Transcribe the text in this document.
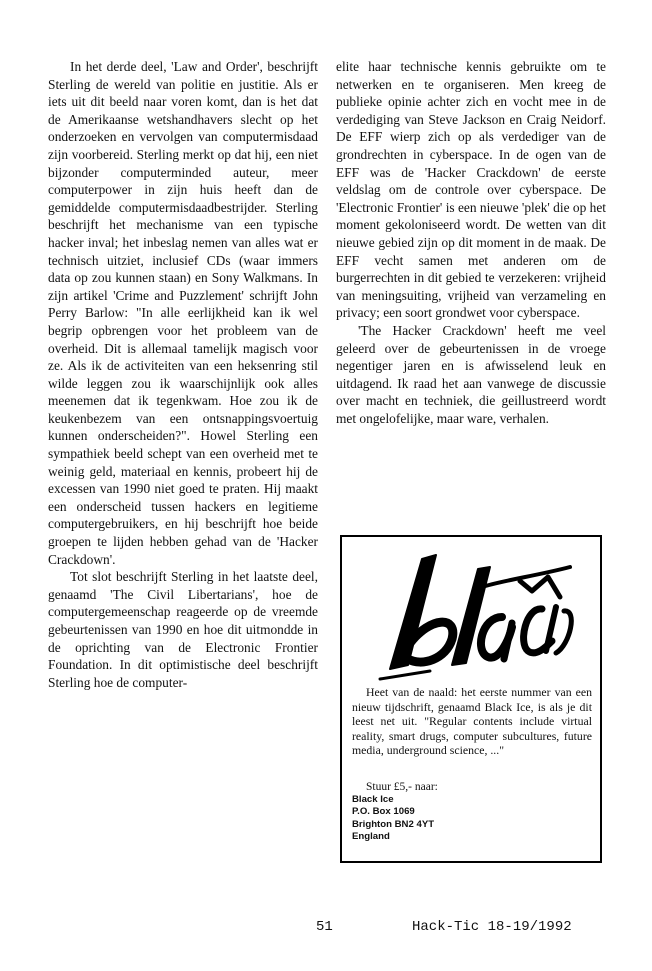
In het derde deel, 'Law and Order', beschrijft Sterling de wereld van politie en justitie. Als er iets uit dit beeld naar voren komt, dan is het dat de Amerikaanse wetshandhavers slecht op het onderzoeken en vervolgen van computermisdaad zijn voorbereid. Sterling merkt op dat hij, een niet bijzonder computerminded auteur, meer computerpower in zijn huis heeft dan de gemiddelde computermisdaadbestrijder. Sterling beschrijft het mechanisme van een typische hacker inval; het inbeslag nemen van alles wat er technisch uitziet, inclusief CDs (waar immers data op zou kunnen staan) en Sony Walkmans. In zijn artikel 'Crime and Puzzlement' schrijft John Perry Barlow: "In alle eerlijkheid kan ik wel begrip opbrengen voor het probleem van de overheid. Dit is allemaal tamelijk magisch voor ze. Als ik de activiteiten van een heksenring stil wilde leggen zou ik waarschijnlijk ook alles meenemen dat ik tegenkwam. Hoe zou ik de keukenbezem van een ontsnappingsvoertuig kunnen onderscheiden?". Howel Sterling een sympathiek beeld schept van een overheid met te weinig geld, materiaal en kennis, probeert hij de excessen van 1990 niet goed te praten. Hij maakt een onderscheid tussen hackers en legitieme computergebruikers, en hij beschrijft hoe beide groepen te lijden hebben gehad van de 'Hacker Crackdown'.

Tot slot beschrijft Sterling in het laatste deel, genaamd 'The Civil Libertarians', hoe de computergemeenschap reageerde op de vreemde gebeurtenissen van 1990 en hoe dit uitmondde in de oprichting van de Electronic Frontier Foundation. In dit optimistische deel beschrijft Sterling hoe de computer-

elite haar technische kennis gebruikte om te netwerken en te organiseren. Men kreeg de publieke opinie achter zich en vocht mee in de verdediging van Steve Jackson en Craig Neidorf. De EFF wierp zich op als verdediger van de grondrechten in cyberspace. In de ogen van de EFF was de 'Hacker Crackdown' de eerste veldslag om de controle over cyberspace. De 'Electronic Frontier' is een nieuwe 'plek' die op het moment gekoloniseerd wordt. De wetten van dit nieuwe gebied zijn op dit moment in de maak. De EFF vecht samen met anderen om de burgerrechten in dit gebied te verzekeren: vrijheid van meningsuiting, vrijheid van verzameling en privacy; een soort grondwet voor cyberspace.

'The Hacker Crackdown' heeft me veel geleerd over de gebeurtenissen in de vroege negentiger jaren en is afwisselend leuk en uitdagend. Ik raad het aan vanwege de discussie over macht en techniek, die geillustreerd wordt met ongelofelijke, maar ware, verhalen.

blackice

Heet van de naald: het eerste nummer van een nieuw tijdschrift, genaamd Black Ice, is als je dit leest net uit. "Regular contents include virtual reality, smart drugs, computer subcultures, future media, underground science, ..."

Stuur £5,- naar:
Black Ice
P.O. Box 1069
Brighton BN2 4YT
England
51	Hack-Tic 18-19/1992
